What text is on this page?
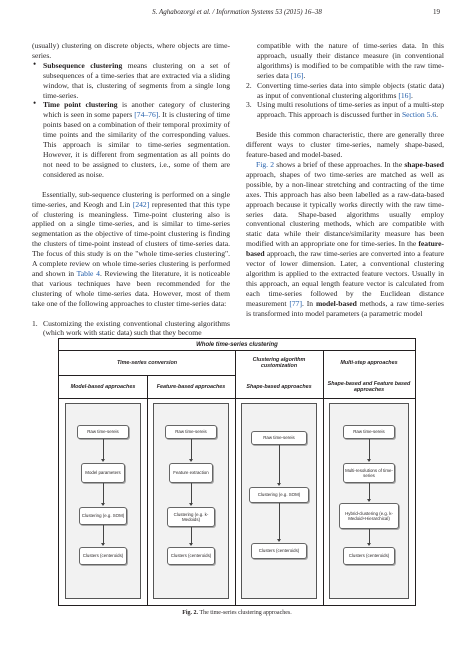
S. Aghabozorgi et al. / Information Systems 53 (2015) 16–38	19

(usually) clustering on discrete objects, where objects are time-series.

• Subsequence clustering means clustering on a set of subsequences of a time-series that are extracted via a sliding window, that is, clustering of segments from a single long time-series.
• Time point clustering is another category of clustering which is seen in some papers [74–76]. It is clustering of time points based on a combination of their temporal proximity of time points and the similarity of the corresponding values. This approach is similar to time-series segmentation. However, it is different from segmentation as all points do not need to be assigned to clusters, i.e., some of them are considered as noise.

Essentially, sub-sequence clustering is performed on a single time-series, and Keogh and Lin [242] represented that this type of clustering is meaningless. Time-point clustering also is applied on a single time-series, and is similar to time-series segmentation as the objective of time-point clustering is finding the clusters of time-point instead of clusters of time-series data. The focus of this study is on the "whole time-series clustering". A complete review on whole time-series clustering is performed and shown in Table 4. Reviewing the literature, it is noticeable that various techniques have been recommended for the clustering of whole time-series data. However, most of them take one of the following approaches to cluster time-series data:

1. Customizing the existing conventional clustering algorithms (which work with static data) such that they become
compatible with the nature of time-series data. In this approach, usually their distance measure (in conventional algorithms) is modified to be compatible with the raw time-series data [16].
2. Converting time-series data into simple objects (static data) as input of conventional clustering algorithms [16].
3. Using multi resolutions of time-series as input of a multi-step approach. This approach is discussed further in Section 5.6.

Beside this common characteristic, there are generally three different ways to cluster time-series, namely shape-based, feature-based and model-based.

Fig. 2 shows a brief of these approaches. In the shape-based approach, shapes of two time-series are matched as well as possible, by a non-linear stretching and contracting of the time axes. This approach has also been labelled as a raw-data-based approach because it typically works directly with the raw time-series data. Shape-based algorithms usually employ conventional clustering methods, which are compatible with static data while their distance/similarity measure has been modified with an appropriate one for time-series. In the feature-based approach, the raw time-series are converted into a feature vector of lower dimension. Later, a conventional clustering algorithm is applied to the extracted feature vectors. Usually in this approach, an equal length feature vector is calculated from each time-series followed by the Euclidean distance measurement [77]. In model-based methods, a raw time-series is transformed into model parameters (a parametric model

Whole time-series clustering
Time-series conversion
Clustering algorithm customization
Multi-step approaches
Model-based approaches	Feature-based approaches	Shape-based approaches
Shape-based and Feature based approaches
Raw time-sereis
Model parameters
Clustering (e.g. SOM)
Clusters (centeroids)
Raw time-sereis
Feature extraction
Clustering (e.g. k-Medoids)
Clusters (centeroids)
Raw time-sereis
Clustering (e.g. SOM)
Clusters (centeroids)
Raw time-sereis
Multi-resolutions of time-series
Hybrid-clustering (e.g. k-Medoid+Hierarchical)
Clusters (centeroids)
Fig. 2. The time-series clustering approaches.
